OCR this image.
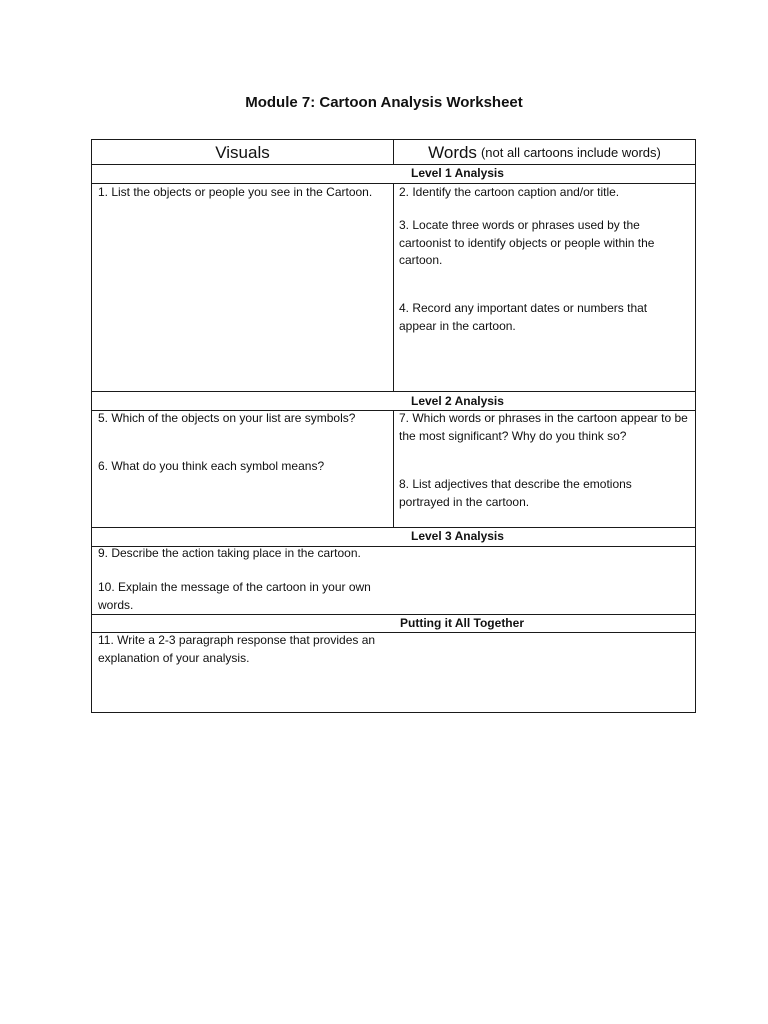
Module 7: Cartoon Analysis Worksheet
Visuals	Words (not all cartoons include words)
Level 1 Analysis
Level 2 Analysis
Level 3 Analysis
Putting it All Together
1. List the objects or people you see in the Cartoon.	2. Identify the cartoon caption and/or title.
3. Locate three words or phrases used by the cartoonist to identify objects or people within the cartoon.
4. Record any important dates or numbers that appear in the cartoon.
5. Which of the objects on your list are symbols?
6. What do you think each symbol means?
7. Which words or phrases in the cartoon appear to be the most significant? Why do you think so?
8. List adjectives that describe the emotions portrayed in the cartoon.
9. Describe the action taking place in the cartoon.
10. Explain the message of the cartoon in your own words.
11. Write a 2-3 paragraph response that provides an explanation of your analysis.
